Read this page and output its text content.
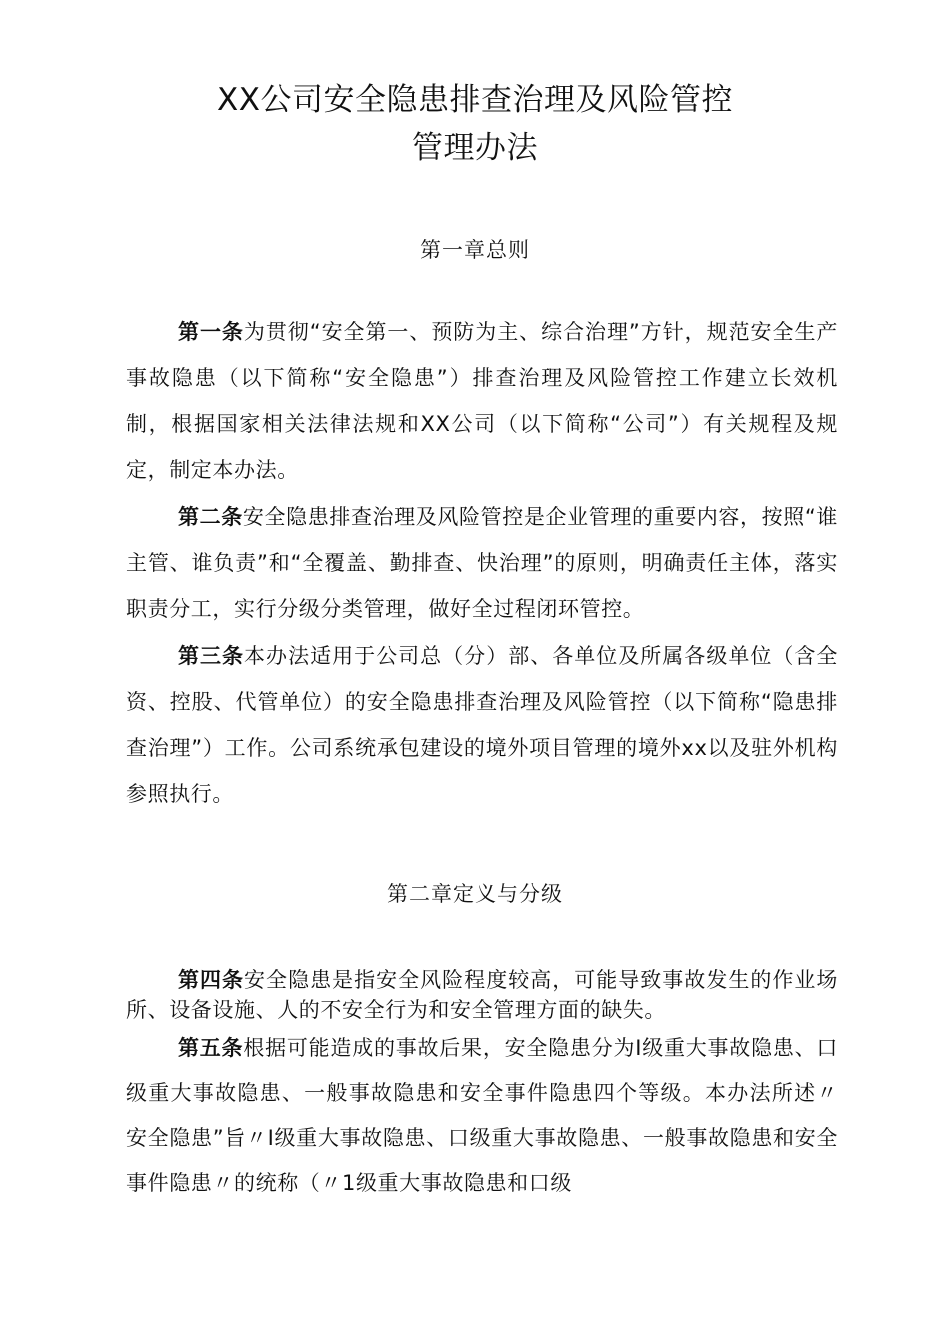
XX公司安全隐患排查治理及风险管控
管理办法
第一章总则
第一条为贯彻“安全第一、预防为主、综合治理”方针，规范安全生产事故隐患（以下简称“安全隐患”）排查治理及风险管控工作建立长效机制，根据国家相关法律法规和XX公司（以下简称“公司”）有关规程及规定，制定本办法。
第二条安全隐患排查治理及风险管控是企业管理的重要内容，按照“谁主管、谁负责”和“全覆盖、勤排查、快治理”的原则，明确责任主体，落实职责分工，实行分级分类管理，做好全过程闭环管控。
第三条本办法适用于公司总（分）部、各单位及所属各级单位（含全资、控股、代管单位）的安全隐患排查治理及风险管控（以下简称“隐患排查治理”）工作。公司系统承包建设的境外项目管理的境外xx以及驻外机构参照执行。
第二章定义与分级
第四条安全隐患是指安全风险程度较高，可能导致事故发生的作业场所、设备设施、人的不安全行为和安全管理方面的缺失。
第五条根据可能造成的事故后果，安全隐患分为I级重大事故隐患、口级重大事故隐患、一般事故隐患和安全事件隐患四个等级。本办法所述〃安全隐患”旨〃I级重大事故隐患、口级重大事故隐患、一般事故隐患和安全事件隐患〃的统称（〃1级重大事故隐患和口级
